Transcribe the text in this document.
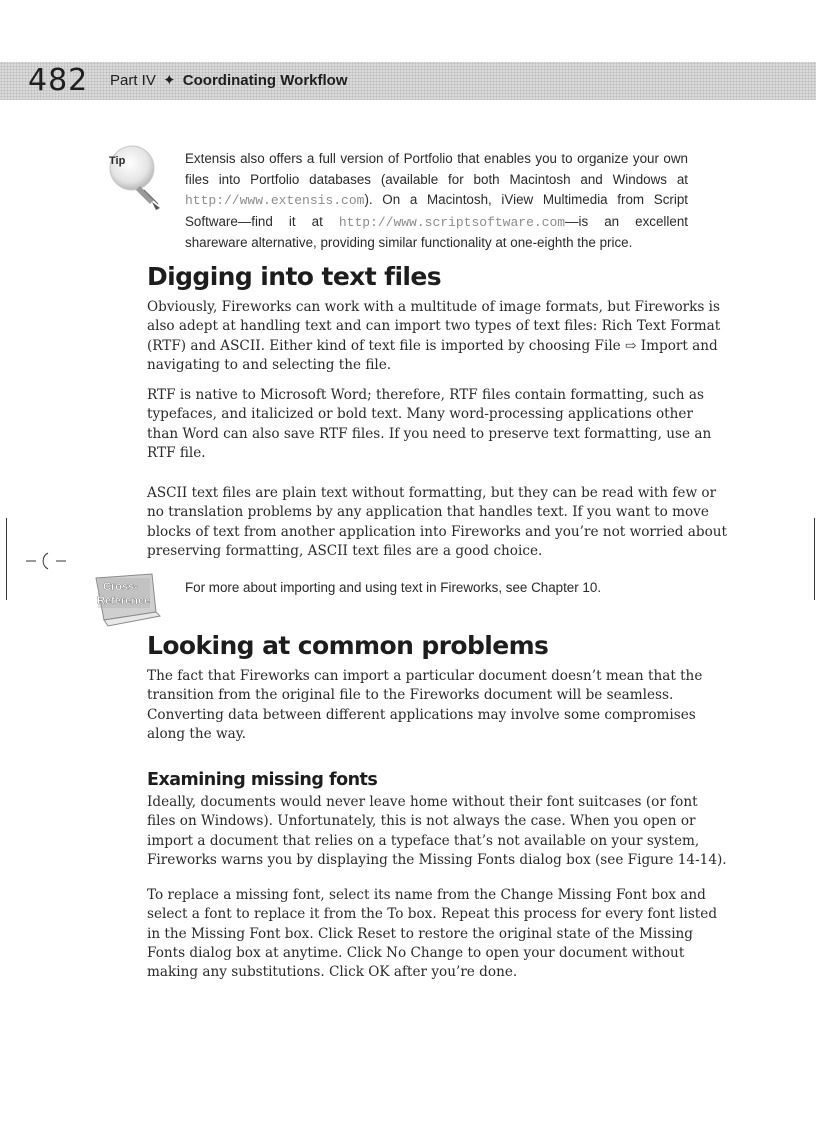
482 Part IV ✦ Coordinating Workflow
Tip	Extensis also offers a full version of Portfolio that enables you to organize your own files into Portfolio databases (available for both Macintosh and Windows at http://www.extensis.com). On a Macintosh, iView Multimedia from Script Software—find it at http://www.scriptsoftware.com—is an excellent shareware alternative, providing similar functionality at one-eighth the price.

Digging into text files

Obviously, Fireworks can work with a multitude of image formats, but Fireworks is also adept at handling text and can import two types of text files: Rich Text Format (RTF) and ASCII. Either kind of text file is imported by choosing File ⇨ Import and navigating to and selecting the file.

RTF is native to Microsoft Word; therefore, RTF files contain formatting, such as typefaces, and italicized or bold text. Many word-processing applications other than Word can also save RTF files. If you need to preserve text formatting, use an RTF file.

ASCII text files are plain text without formatting, but they can be read with few or no translation problems by any application that handles text. If you want to move blocks of text from another application into Fireworks and you’re not worried about preserving formatting, ASCII text files are a good choice.

Cross-
Reference

For more about importing and using text in Fireworks, see Chapter 10.

Looking at common problems

The fact that Fireworks can import a particular document doesn’t mean that the transition from the original file to the Fireworks document will be seamless. Converting data between different applications may involve some compromises along the way.

Examining missing fonts

Ideally, documents would never leave home without their font suitcases (or font files on Windows). Unfortunately, this is not always the case. When you open or import a document that relies on a typeface that’s not available on your system, Fireworks warns you by displaying the Missing Fonts dialog box (see Figure 14-14).

To replace a missing font, select its name from the Change Missing Font box and select a font to replace it from the To box. Repeat this process for every font listed in the Missing Font box. Click Reset to restore the original state of the Missing Fonts dialog box at anytime. Click No Change to open your document without making any substitutions. Click OK after you’re done.
